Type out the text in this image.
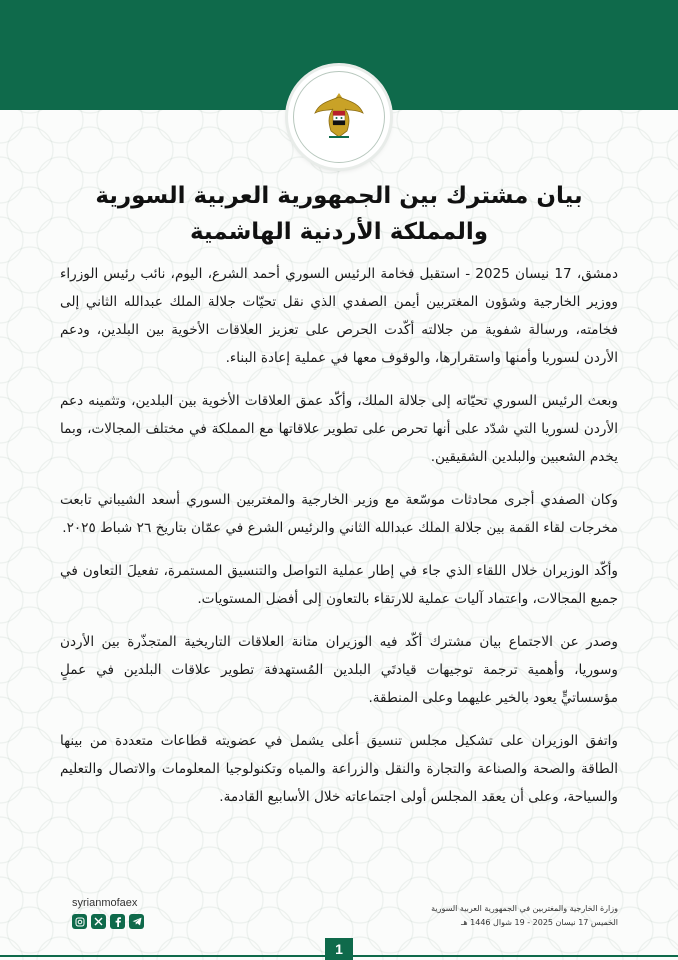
بيان مشترك بين الجمهورية العربية السورية
والمملكة الأردنية الهاشمية

دمشق، 17 نيسان 2025 - استقبل فخامة الرئيس السوري أحمد الشرع، اليوم، نائب رئيس الوزراء ووزير الخارجية وشؤون المغتربين أيمن الصفدي الذي نقل تحيّات جلالة الملك عبدالله الثاني إلى فخامته، ورسالة شفوية من جلالته أكّدت الحرص على تعزيز العلاقات الأخوية بين البلدين، ودعم الأردن لسوريا وأمنها واستقرارها، والوقوف معها في عملية إعادة البناء.

وبعث الرئيس السوري تحيّاته إلى جلالة الملك، وأكّد عمق العلاقات الأخوية بين البلدين، وتثمينه دعم الأردن لسوريا التي شدّد على أنها تحرص على تطوير علاقاتها مع المملكة في مختلف المجالات، وبما يخدم الشعبين والبلدين الشقيقين.

وكان الصفدي أجرى محادثات موسّعة مع وزير الخارجية والمغتربين السوري أسعد الشيباني تابعت مخرجات لقاء القمة بين جلالة الملك عبدالله الثاني والرئيس الشرع في عمّان بتاريخ ٢٦ شباط ٢٠٢٥.

وأكّد الوزيران خلال اللقاء الذي جاء في إطار عملية التواصل والتنسيق المستمرة، تفعيلَ التعاون في جميع المجالات، واعتماد آليات عملية للارتقاء بالتعاون إلى أفضل المستويات.

وصدر عن الاجتماع بيان مشترك أكّد فيه الوزيران متانة العلاقات التاريخية المتجذّرة بين الأردن وسوريا، وأهمية ترجمة توجيهات قيادتَي البلدين المُستهدفة تطوير علاقات البلدين في عملٍ مؤسساتيٍّ يعود بالخير عليهما وعلى المنطقة.

واتفق الوزيران على تشكيل مجلس تنسيق أعلى يشمل في عضويته قطاعات متعددة من بينها الطاقة والصحة والصناعة والتجارة والنقل والزراعة والمياه وتكنولوجيا المعلومات والاتصال والتعليم والسياحة، وعلى أن يعقد المجلس أولى اجتماعاته خلال الأسابيع القادمة.

syrianmofaex	وزارة الخارجية والمغتربين في الجمهورية العربية السورية
الخميس 17 نيسان 2025 - 19 شوال 1446 هـ
1
